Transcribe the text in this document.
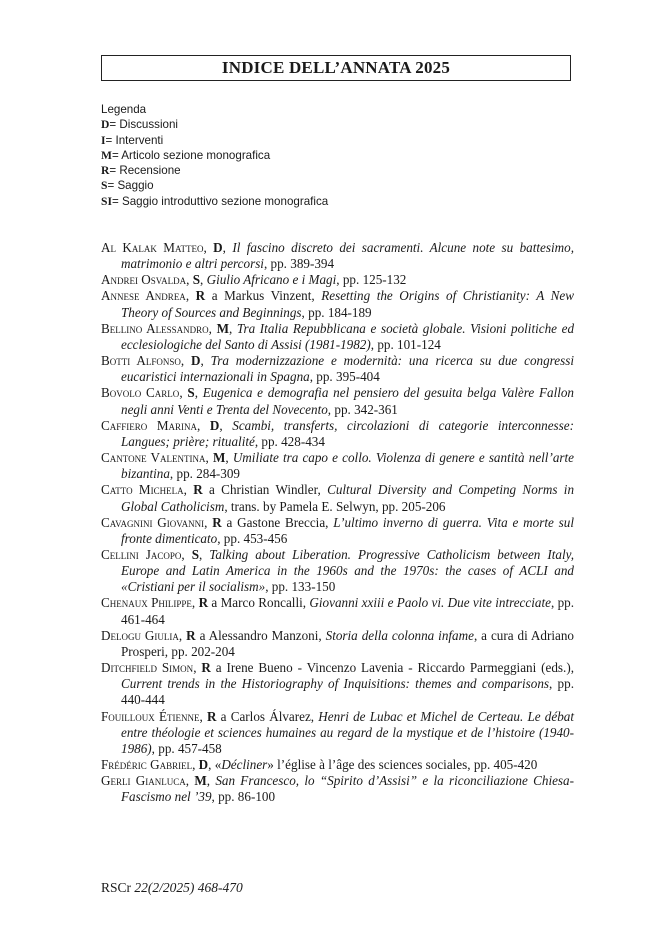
INDICE DELL’ANNATA 2025
Legenda
D= Discussioni
I= Interventi
M= Articolo sezione monografica
R= Recensione
S= Saggio
SI= Saggio introduttivo sezione monografica
Al Kalak Matteo, D, Il fascino discreto dei sacramenti. Alcune note su battesimo, matrimonio e altri percorsi, pp. 389-394
Andrei Osvalda, S, Giulio Africano e i Magi, pp. 125-132
Annese Andrea, R a Markus Vinzent, Resetting the Origins of Christianity: A New Theory of Sources and Beginnings, pp. 184-189
Bellino Alessandro, M, Tra Italia Repubblicana e società globale. Visioni politiche ed ecclesiologiche del Santo di Assisi (1981-1982), pp. 101-124
Botti Alfonso, D, Tra modernizzazione e modernità: una ricerca su due congressi eucaristici internazionali in Spagna, pp. 395-404
Bovolo Carlo, S, Eugenica e demografia nel pensiero del gesuita belga Valère Fallon negli anni Venti e Trenta del Novecento, pp. 342-361
Caffiero Marina, D, Scambi, transferts, circolazioni di categorie interconnesse: Langues; prière; ritualité, pp. 428-434
Cantone Valentina, M, Umiliate tra capo e collo. Violenza di genere e santità nell’arte bizantina, pp. 284-309
Catto Michela, R a Christian Windler, Cultural Diversity and Competing Norms in Global Catholicism, trans. by Pamela E. Selwyn, pp. 205-206
Cavagnini Giovanni, R a Gastone Breccia, L’ultimo inverno di guerra. Vita e morte sul fronte dimenticato, pp. 453-456
Cellini Jacopo, S, Talking about Liberation. Progressive Catholicism between Italy, Europe and Latin America in the 1960s and the 1970s: the cases of ACLI and «Cristiani per il socialism», pp. 133-150
Chenaux Philippe, R a Marco Roncalli, Giovanni xxiii e Paolo vi. Due vite intrecciate, pp. 461-464
Delogu Giulia, R a Alessandro Manzoni, Storia della colonna infame, a cura di Adriano Prosperi, pp. 202-204
Ditchfield Simon, R a Irene Bueno - Vincenzo Lavenia - Riccardo Parmeggiani (eds.), Current trends in the Historiography of Inquisitions: themes and comparisons, pp. 440-444
Fouilloux Étienne, R a Carlos Álvarez, Henri de Lubac et Michel de Certeau. Le débat entre théologie et sciences humaines au regard de la mystique et de l’histoire (1940-1986), pp. 457-458
Frédéric Gabriel, D, «Décliner» l’église à l’âge des sciences sociales, pp. 405-420
Gerli Gianluca, M, San Francesco, lo “Spirito d’Assisi” e la riconciliazione Chiesa-Fascismo nel ’39, pp. 86-100
RSCr 22(2/2025) 468-470
